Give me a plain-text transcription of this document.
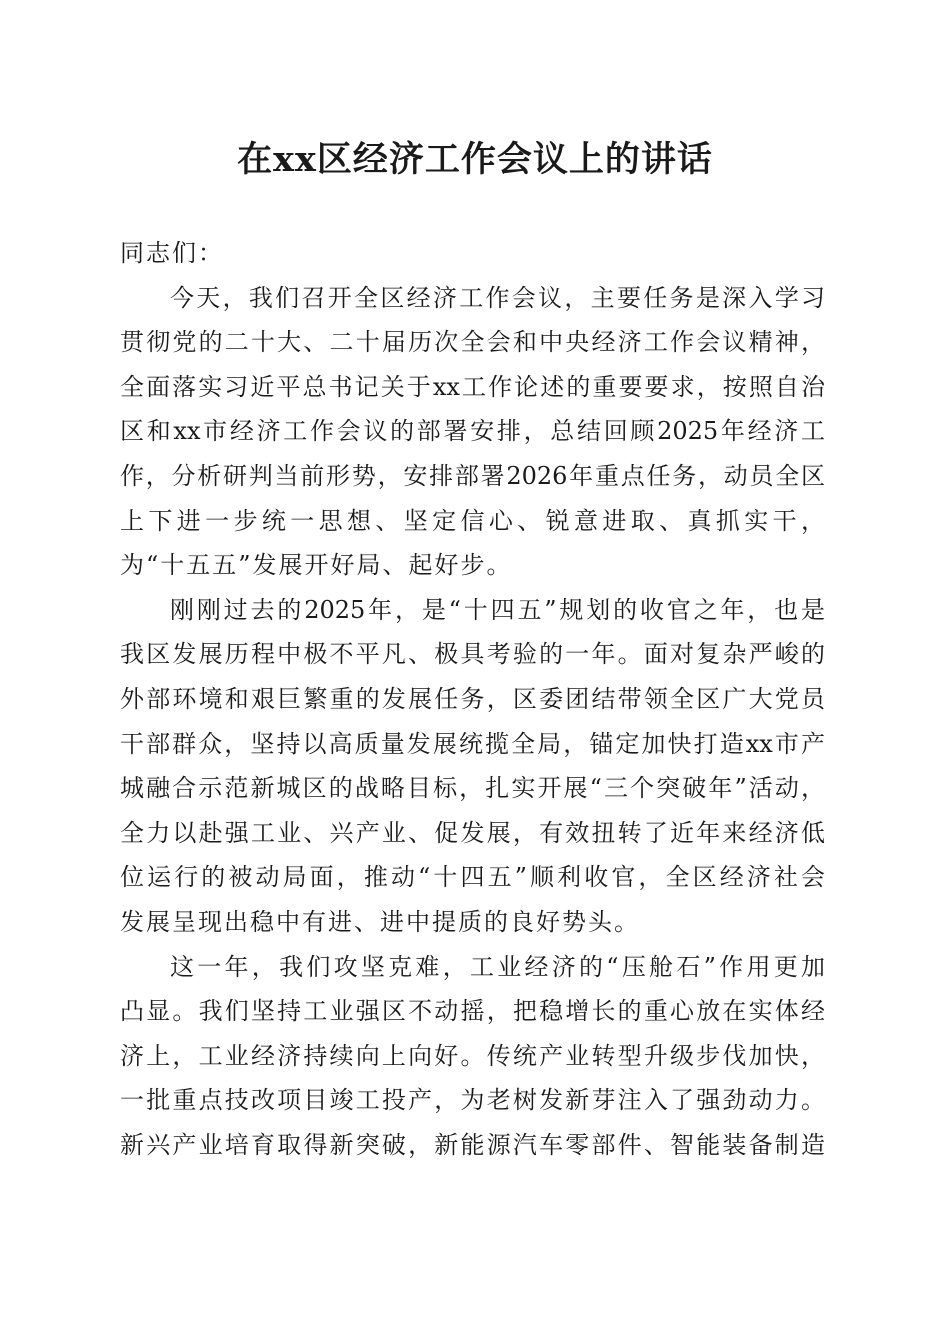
在xx区经济工作会议上的讲话
同志们：
今天，我们召开全区经济工作会议，主要任务是深入学习
贯彻党的二十大、二十届历次全会和中央经济工作会议精神，
全面落实习近平总书记关于xx工作论述的重要要求，按照自治
区和xx市经济工作会议的部署安排，总结回顾2025年经济工
作，分析研判当前形势，安排部署2026年重点任务，动员全区
上下进一步统一思想、坚定信心、锐意进取、真抓实干，
为“十五五”发展开好局、起好步。
刚刚过去的2025年，是“十四五”规划的收官之年，也是
我区发展历程中极不平凡、极具考验的一年。面对复杂严峻的
外部环境和艰巨繁重的发展任务，区委团结带领全区广大党员
干部群众，坚持以高质量发展统揽全局，锚定加快打造xx市产
城融合示范新城区的战略目标，扎实开展“三个突破年”活动，
全力以赴强工业、兴产业、促发展，有效扭转了近年来经济低
位运行的被动局面，推动“十四五”顺利收官，全区经济社会
发展呈现出稳中有进、进中提质的良好势头。
这一年，我们攻坚克难，工业经济的“压舱石”作用更加
凸显。我们坚持工业强区不动摇，把稳增长的重心放在实体经
济上，工业经济持续向上向好。传统产业转型升级步伐加快，
一批重点技改项目竣工投产，为老树发新芽注入了强劲动力。
新兴产业培育取得新突破，新能源汽车零部件、智能装备制造
